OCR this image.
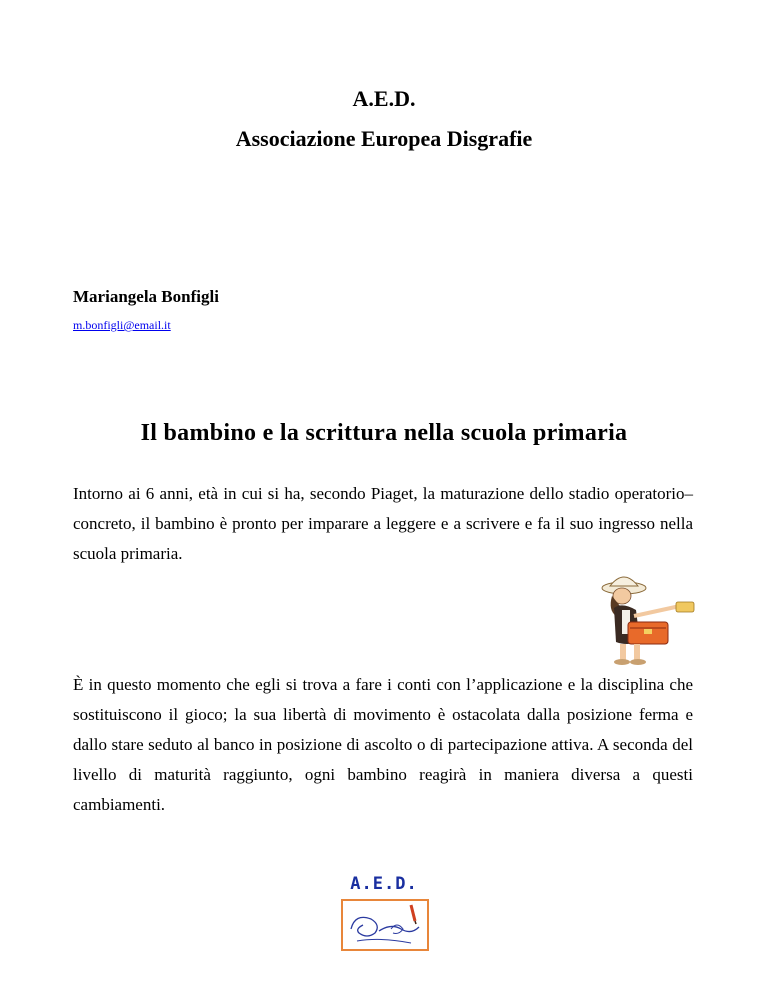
A.E.D.
Associazione Europea Disgrafie
Mariangela Bonfigli
m.bonfigli@email.it
Il bambino e la scrittura nella scuola primaria

Intorno ai 6 anni, età in cui si ha, secondo Piaget, la maturazione dello stadio operatorio–concreto, il bambino è pronto per imparare a leggere e a scrivere e fa il suo ingresso nella scuola primaria.

È in questo momento che egli si trova a fare i conti con l’applicazione e la disciplina che sostituiscono il gioco; la sua libertà di movimento è ostacolata dalla posizione ferma e dallo stare seduto al banco in posizione di ascolto o di partecipazione attiva. A seconda del livello di maturità raggiunto, ogni bambino reagirà in maniera diversa a questi cambiamenti.

A.E.D.
